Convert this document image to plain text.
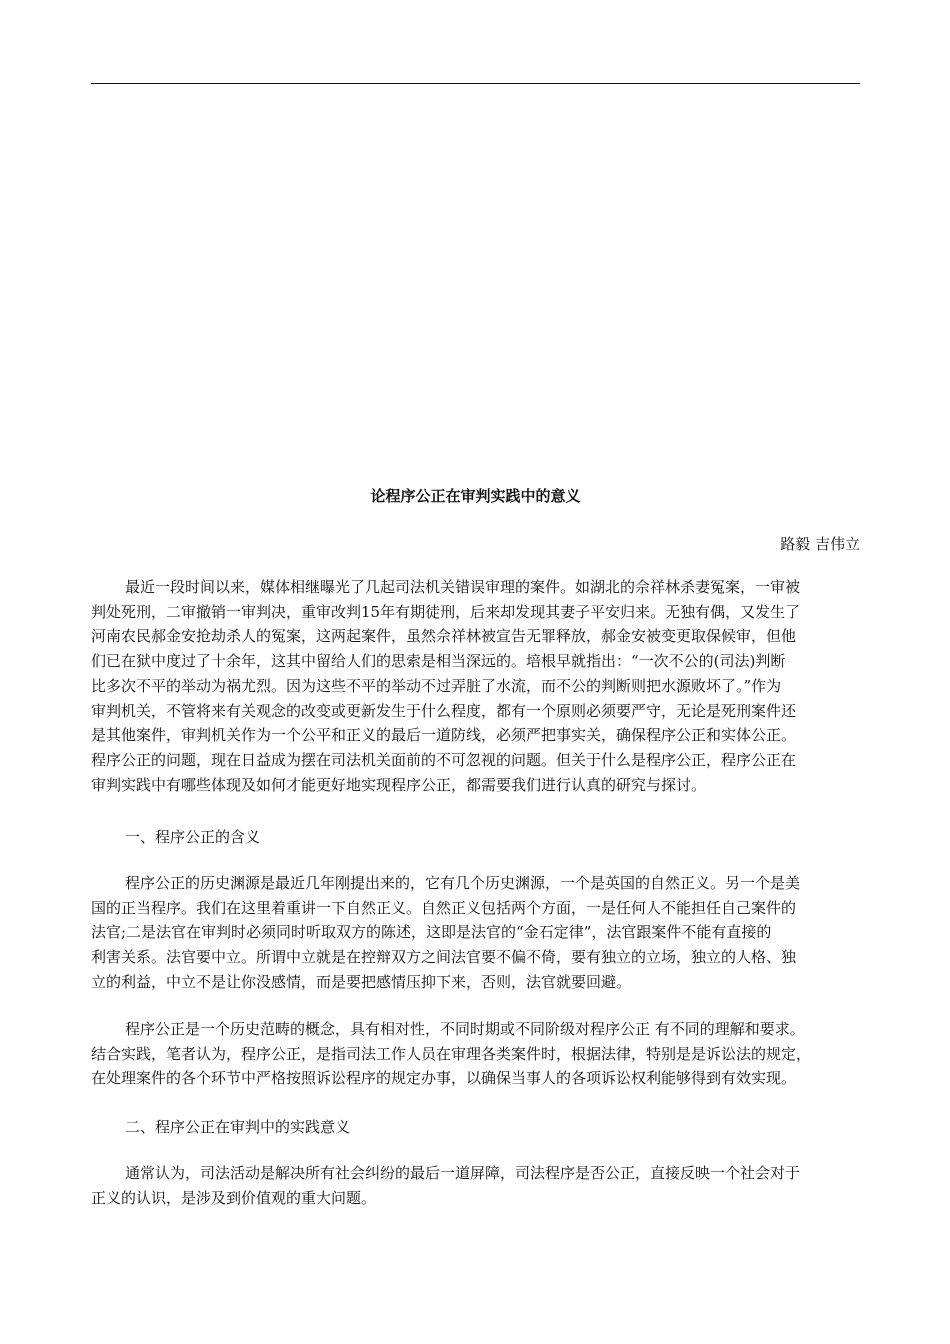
论程序公正在审判实践中的意义

路毅 吉伟立

最近一段时间以来，媒体相继曝光了几起司法机关错误审理的案件。如湖北的佘祥林杀妻冤案，一审被
判处死刑，二审撤销一审判决，重审改判15年有期徒刑，后来却发现其妻子平安归来。无独有偶，又发生了
河南农民郝金安抢劫杀人的冤案，这两起案件，虽然佘祥林被宣告无罪释放，郝金安被变更取保候审，但他
们已在狱中度过了十余年，这其中留给人们的思索是相当深远的。培根早就指出：“一次不公的(司法)判断
比多次不平的举动为祸尤烈。因为这些不平的举动不过弄脏了水流，而不公的判断则把水源败坏了。”作为
审判机关，不管将来有关观念的改变或更新发生于什么程度，都有一个原则必须要严守，无论是死刑案件还
是其他案件，审判机关作为一个公平和正义的最后一道防线，必须严把事实关，确保程序公正和实体公正。
程序公正的问题，现在日益成为摆在司法机关面前的不可忽视的问题。但关于什么是程序公正，程序公正在
审判实践中有哪些体现及如何才能更好地实现程序公正，都需要我们进行认真的研究与探讨。

一、程序公正的含义

程序公正的历史渊源是最近几年刚提出来的，它有几个历史渊源，一个是英国的自然正义。另一个是美
国的正当程序。我们在这里着重讲一下自然正义。自然正义包括两个方面，一是任何人不能担任自己案件的
法官;二是法官在审判时必须同时听取双方的陈述，这即是法官的“金石定律”，法官跟案件不能有直接的
利害关系。法官要中立。所谓中立就是在控辩双方之间法官要不偏不倚，要有独立的立场，独立的人格、独
立的利益，中立不是让你没感情，而是要把感情压抑下来，否则，法官就要回避。

程序公正是一个历史范畴的概念，具有相对性，不同时期或不同阶级对程序公正 有不同的理解和要求。
结合实践，笔者认为，程序公正，是指司法工作人员在审理各类案件时，根据法律，特别是是诉讼法的规定，
在处理案件的各个环节中严格按照诉讼程序的规定办事，以确保当事人的各项诉讼权利能够得到有效实现。

二、程序公正在审判中的实践意义

通常认为，司法活动是解决所有社会纠纷的最后一道屏障，司法程序是否公正，直接反映一个社会对于
正义的认识，是涉及到价值观的重大问题。
